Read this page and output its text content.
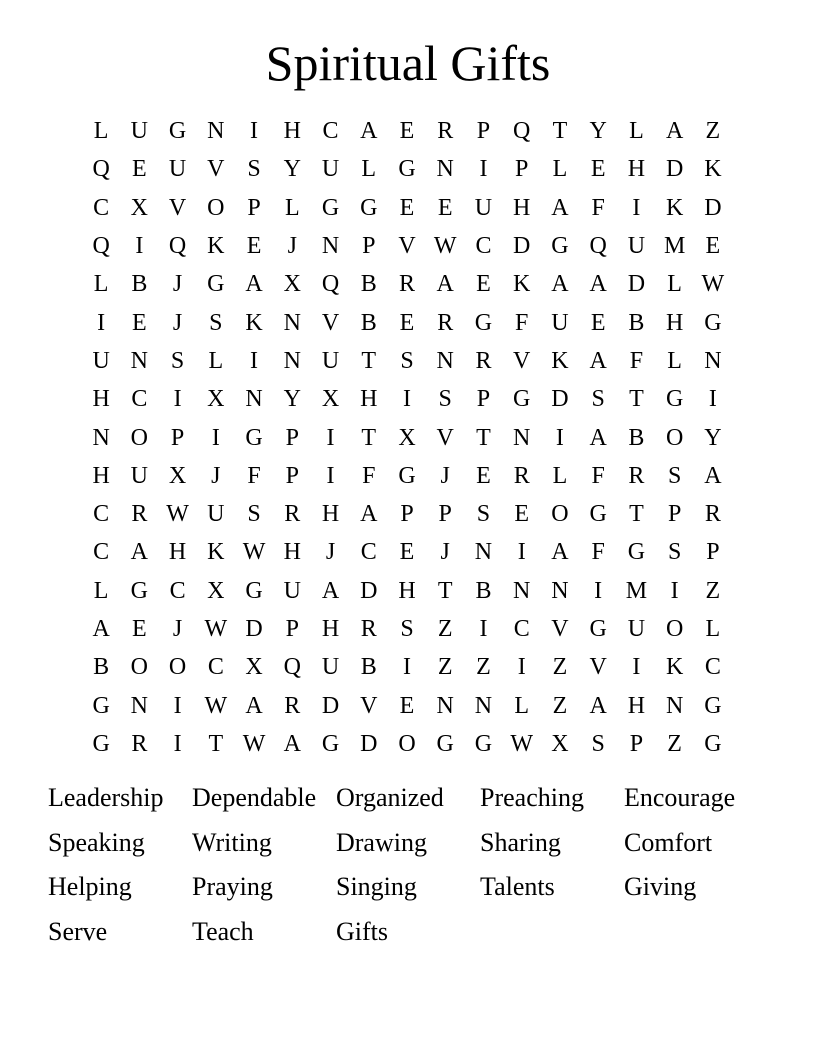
Spiritual Gifts
L U G N	I	H C A E R P Q T Y L A Z
Q E U V S Y U L G N	I	P	L E H D K
C X V O P	L G G E E U H A F	I	K D
Q	I	Q K E	J	N P V W C D G Q U M E
L B	J	G A X Q B R A E K A A D L W
I	E	J	S K N V B E R G F U E B H G
U N S	L	I	N U T	S N R V K A F	L N
H C	I	X N Y X H	I	S	P G D S	T G	I
N O P	I	G P	I	T X V T N	I	A B O Y
H U X	J	F	P	I	F G	J	E R L	F R S A
C R W U S R H A P	P	S	E O G T	P R
C A H K W H	J	C E	J	N	I	A F G S	P
L G C X G U A D H T B N N	I M I	Z
A E	J W D P H R S	Z	I	C V G U O L
B O O C X Q U B	I	Z Z	I	Z V	I	K C
G N	I W A R D V E N N L Z A H N G
G R	I	T W A G D O G G W X S	P	Z G
Leadership	Dependable Organized	Preaching	Encourage
Speaking	Writing	Drawing	Sharing	Comfort
Helping	Praying	Singing	Talents	Giving
Serve	Teach	Gifts
